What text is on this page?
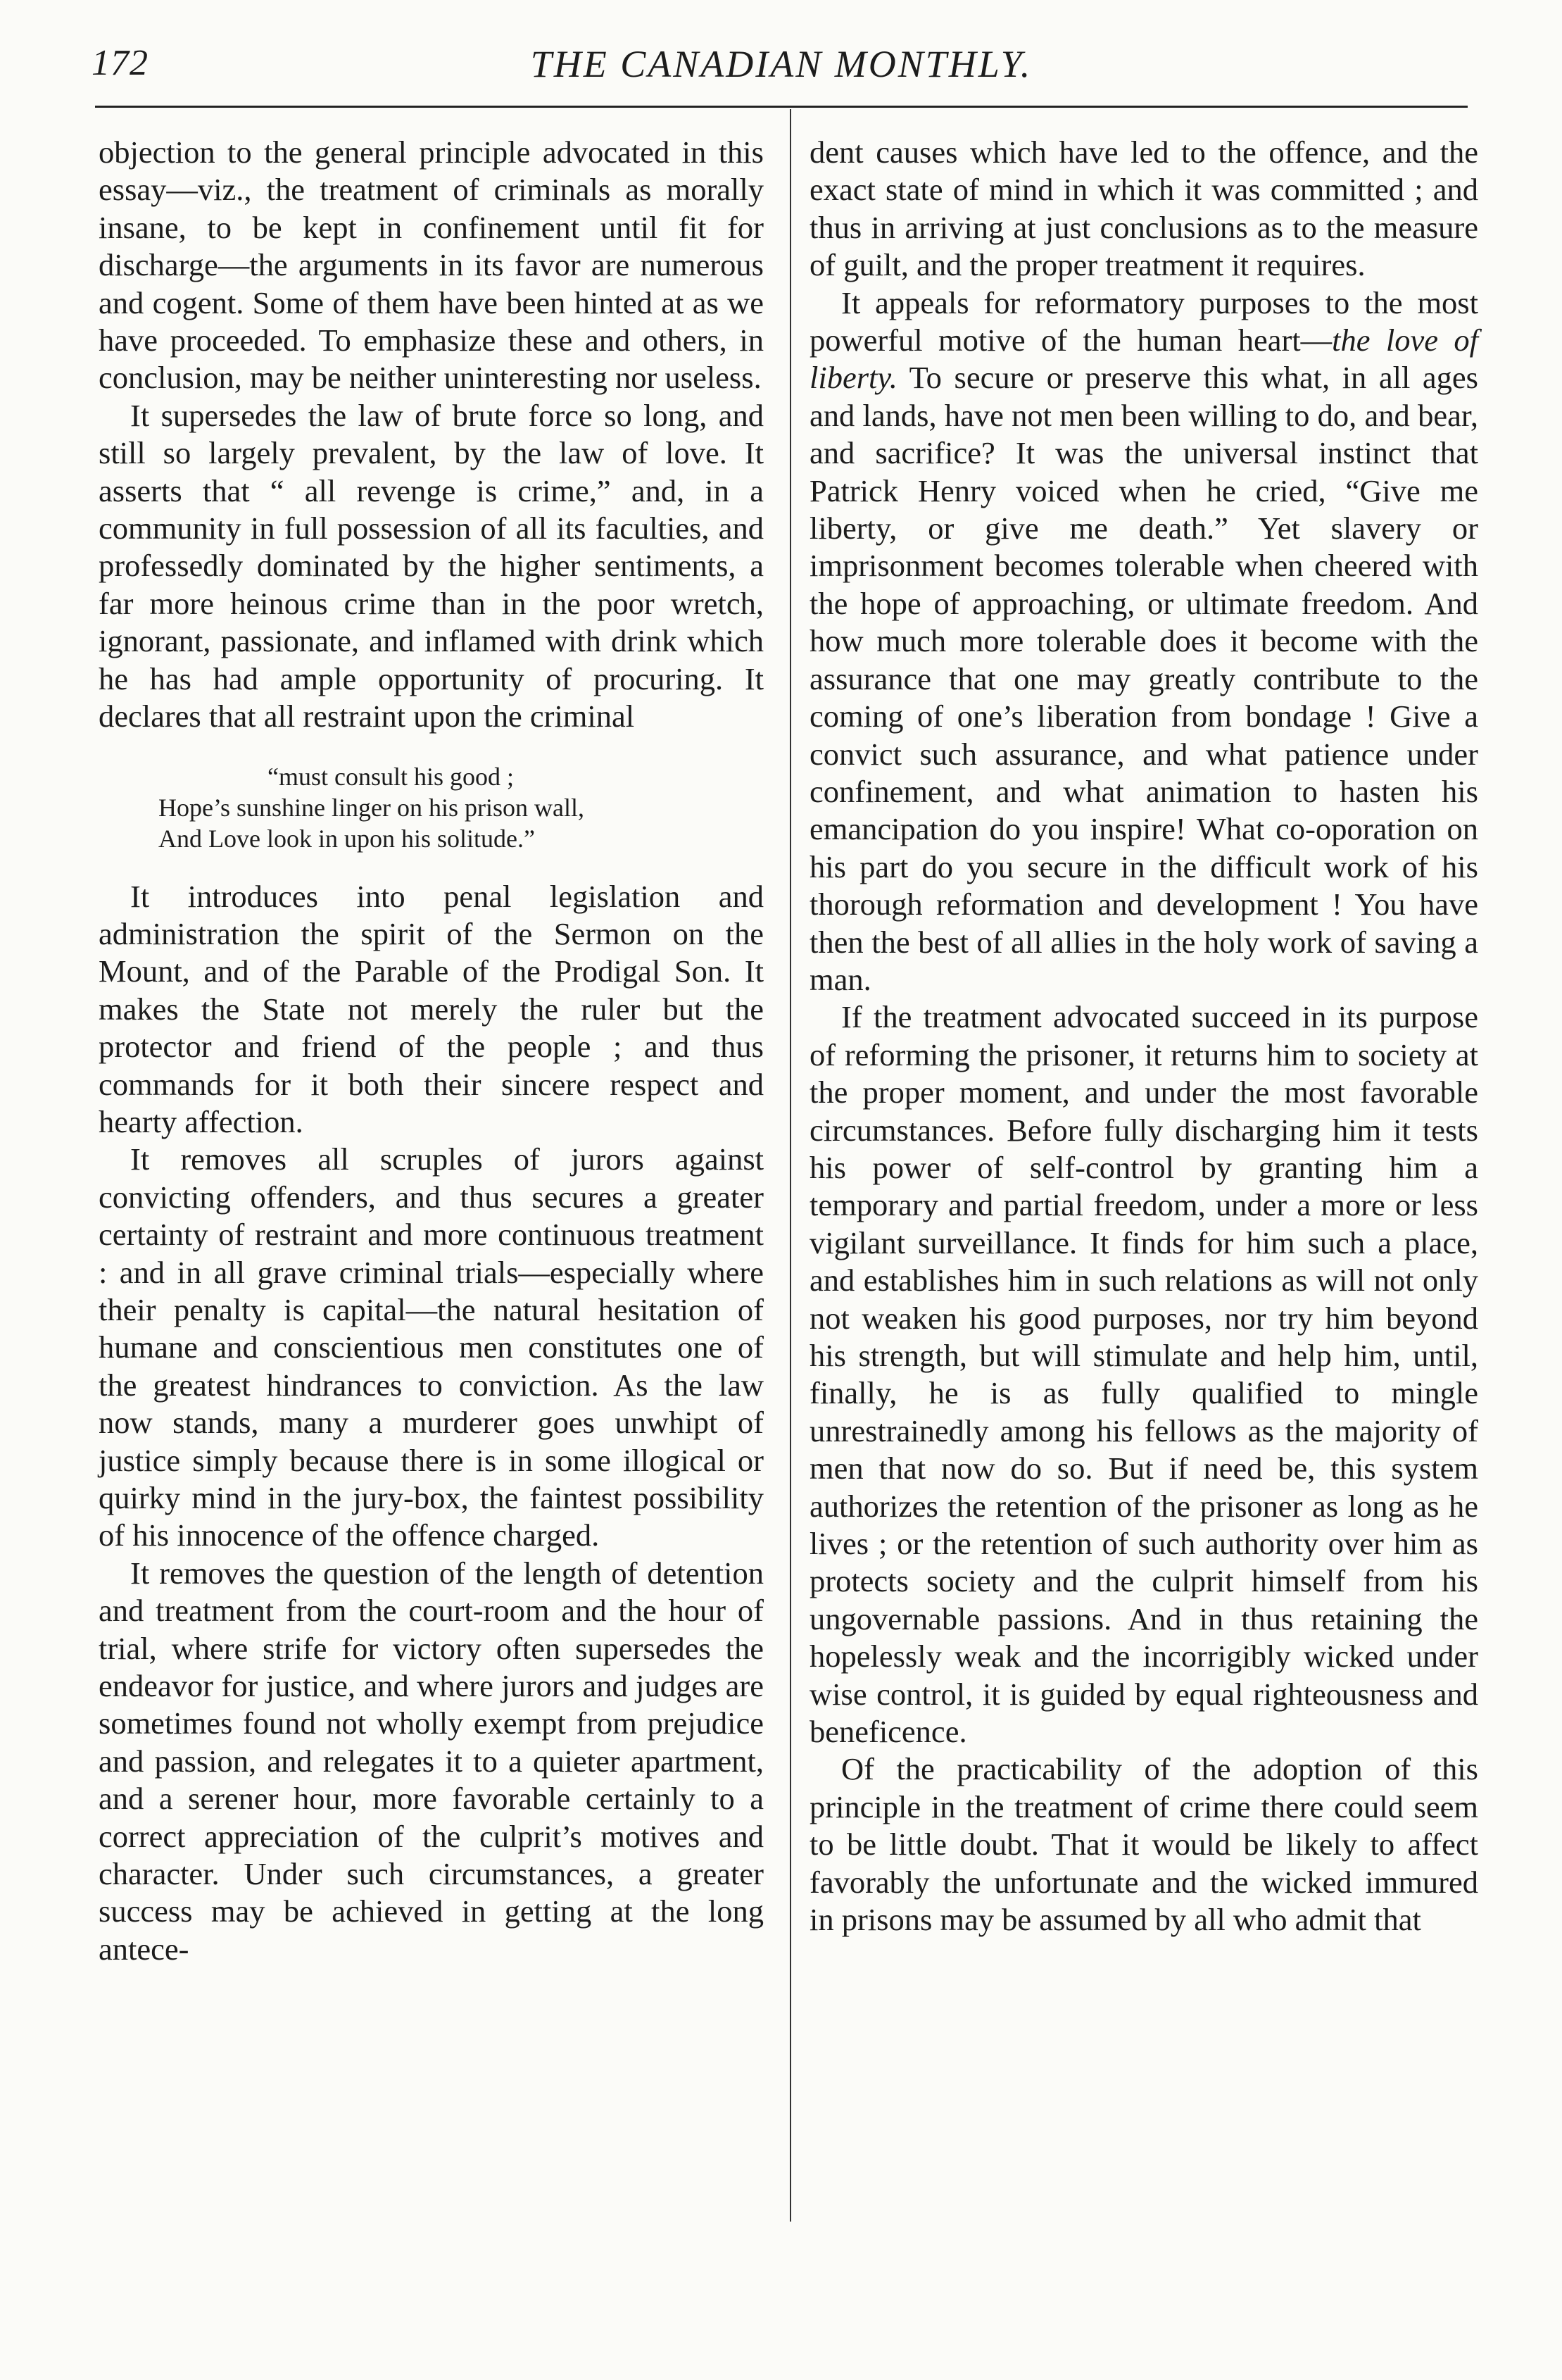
172	THE CANADIAN MONTHLY.

objection to the general principle advocated in this essay—viz., the treatment of criminals as morally insane, to be kept in confinement until fit for discharge—the arguments in its favor are numerous and cogent. Some of them have been hinted at as we have proceeded. To emphasize these and others, in conclusion, may be neither uninteresting nor useless.

It supersedes the law of brute force so long, and still so largely prevalent, by the law of love. It asserts that “ all revenge is crime,” and, in a community in full possession of all its faculties, and professedly dominated by the higher sentiments, a far more heinous crime than in the poor wretch, ignorant, passionate, and inflamed with drink which he has had ample opportunity of procuring. It declares that all restraint upon the criminal

“must consult his good ;
Hope’s sunshine linger on his prison wall,
And Love look in upon his solitude.”

It introduces into penal legislation and administration the spirit of the Sermon on the Mount, and of the Parable of the Prodigal Son. It makes the State not merely the ruler but the protector and friend of the people ; and thus commands for it both their sincere respect and hearty affection.

It removes all scruples of jurors against convicting offenders, and thus secures a greater certainty of restraint and more continuous treatment : and in all grave criminal trials—especially where their penalty is capital—the natural hesitation of humane and conscientious men constitutes one of the greatest hindrances to conviction. As the law now stands, many a murderer goes unwhipt of justice simply because there is in some illogical or quirky mind in the jury-box, the faintest possibility of his innocence of the offence charged.

It removes the question of the length of detention and treatment from the court-room and the hour of trial, where strife for victory often supersedes the endeavor for justice, and where jurors and judges are sometimes found not wholly exempt from prejudice and passion, and relegates it to a quieter apartment, and a serener hour, more favorable certainly to a correct appreciation of the culprit’s motives and character. Under such circumstances, a greater success may be achieved in getting at the long antece-

dent causes which have led to the offence, and the exact state of mind in which it was committed ; and thus in arriving at just conclusions as to the measure of guilt, and the proper treatment it requires.

It appeals for reformatory purposes to the most powerful motive of the human heart—the love of liberty. To secure or preserve this what, in all ages and lands, have not men been willing to do, and bear, and sacrifice? It was the universal instinct that Patrick Henry voiced when he cried, “Give me liberty, or give me death.” Yet slavery or imprisonment becomes tolerable when cheered with the hope of approaching, or ultimate freedom. And how much more tolerable does it become with the assurance that one may greatly contribute to the coming of one’s liberation from bondage ! Give a convict such assurance, and what patience under confinement, and what animation to hasten his emancipation do you inspire! What co-oporation on his part do you secure in the difficult work of his thorough reformation and development ! You have then the best of all allies in the holy work of saving a man.

If the treatment advocated succeed in its purpose of reforming the prisoner, it returns him to society at the proper moment, and under the most favorable circumstances. Before fully discharging him it tests his power of self-control by granting him a temporary and partial freedom, under a more or less vigilant surveillance. It finds for him such a place, and establishes him in such relations as will not only not weaken his good purposes, nor try him beyond his strength, but will stimulate and help him, until, finally, he is as fully qualified to mingle unrestrainedly among his fellows as the majority of men that now do so. But if need be, this system authorizes the retention of the prisoner as long as he lives ; or the retention of such authority over him as protects society and the culprit himself from his ungovernable passions. And in thus retaining the hopelessly weak and the incorrigibly wicked under wise control, it is guided by equal righteousness and beneficence.

Of the practicability of the adoption of this principle in the treatment of crime there could seem to be little doubt. That it would be likely to affect favorably the unfortunate and the wicked immured in prisons may be assumed by all who admit that
